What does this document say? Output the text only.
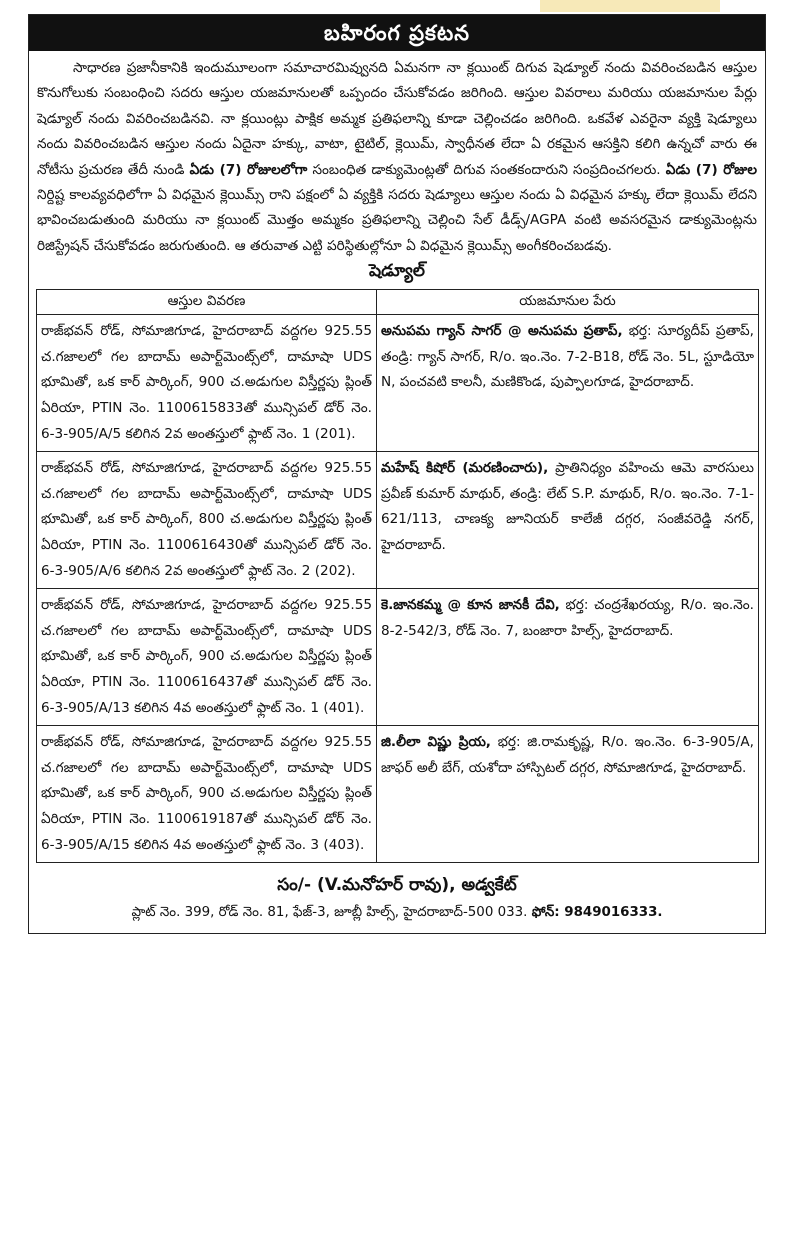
బహిరంగ ప్రకటన

సాధారణ ప్రజానీకానికి ఇందుమూలంగా సమాచారమివ్వునది ఏమనగా నా క్లయింట్ దిగువ షెడ్యూల్ నందు వివరించబడిన ఆస్తుల కొనుగోలుకు సంబంధించి సదరు ఆస్తుల యజమానులతో ఒప్పందం చేసుకోవడం జరిగింది. ఆస్తుల వివరాలు మరియు యజమానుల పేర్లు షెడ్యూల్ నందు వివరించబడినవి. నా క్లయింట్లు పాక్షిక అమ్మక ప్రతిఫలాన్ని కూడా చెల్లించడం జరిగింది. ఒకవేళ ఎవరైనా వ్యక్తి షెడ్యూలు నందు వివరించబడిన ఆస్తుల నందు ఏదైనా హక్కు, వాటా, టైటిల్, క్లెయిమ్, స్వాధీనత లేదా ఏ రకమైన ఆసక్తిని కలిగి ఉన్నచో వారు ఈ నోటీసు ప్రచురణ తేదీ నుండి ఏడు (7) రోజులలోగా సంబంధిత డాక్యుమెంట్లతో దిగువ సంతకందారుని సంప్రదించగలరు. ఏడు (7) రోజుల నిర్దిష్ట కాలవ్యవధిలోగా ఏ విధమైన క్లెయిమ్స్ రాని పక్షంలో ఏ వ్యక్తికి సదరు షెడ్యూలు ఆస్తుల నందు ఏ విధమైన హక్కు లేదా క్లెయిమ్ లేదని భావించబడుతుంది మరియు నా క్లయింట్ మొత్తం అమ్మకం ప్రతిఫలాన్ని చెల్లించి సేల్ డీడ్స్/AGPA వంటి అవసరమైన డాక్యుమెంట్లను రిజిస్ట్రేషన్ చేసుకోవడం జరుగుతుంది. ఆ తరువాత ఎట్టి పరిస్థితుల్లోనూ ఏ విధమైన క్లెయిమ్స్ అంగీకరించబడవు.

షెడ్యూల్
ఆస్తుల వివరణ	యజమానుల పేరు
రాజ్‌భవన్ రోడ్, సోమాజిగూడ, హైదరాబాద్ వద్దగల 925.55 చ.గజాలలో గల బాదామ్ అపార్ట్‌మెంట్స్‌లో, దామాషా UDS భూమితో, ఒక కార్ పార్కింగ్, 900 చ.అడుగుల విస్తీర్ణపు ప్లింత్ ఏరియా, PTIN నెం. 1100615833తో మున్సిపల్ డోర్ నెం. 6-3-905/A/5 కలిగిన 2వ అంతస్తులో ఫ్లాట్ నెం. 1 (201).	అనుపమ గ్యాన్ సాగర్ @ అనుపమ ప్రతాప్, భర్త: సూర్యదీప్ ప్రతాప్, తండ్రి: గ్యాన్ సాగర్, R/o. ఇం.నెం. 7-2-B18, రోడ్ నెం. 5L, స్టూడియో N, పంచవటి కాలనీ, మణికొండ, పుప్పాలగూడ, హైదరాబాద్.
రాజ్‌భవన్ రోడ్, సోమాజిగూడ, హైదరాబాద్ వద్దగల 925.55 చ.గజాలలో గల బాదామ్ అపార్ట్‌మెంట్స్‌లో, దామాషా UDS భూమితో, ఒక కార్ పార్కింగ్, 800 చ.అడుగుల విస్తీర్ణపు ప్లింత్ ఏరియా, PTIN నెం. 1100616430తో మున్సిపల్ డోర్ నెం. 6-3-905/A/6 కలిగిన 2వ అంతస్తులో ఫ్లాట్ నెం. 2 (202).	మహేష్ కిషోర్ (మరణించారు), ప్రాతినిధ్యం వహించు ఆమె వారసులు ప్రవీణ్ కుమార్ మాథుర్, తండ్రి: లేట్ S.P. మాథుర్, R/o. ఇం.నెం. 7-1-621/113, చాణక్య జూనియర్ కాలేజీ దగ్గర, సంజీవరెడ్డి నగర్, హైదరాబాద్.
రాజ్‌భవన్ రోడ్, సోమాజిగూడ, హైదరాబాద్ వద్దగల 925.55 చ.గజాలలో గల బాదామ్ అపార్ట్‌మెంట్స్‌లో, దామాషా UDS భూమితో, ఒక కార్ పార్కింగ్, 900 చ.అడుగుల విస్తీర్ణపు ప్లింత్ ఏరియా, PTIN నెం. 1100616437తో మున్సిపల్ డోర్ నెం. 6-3-905/A/13 కలిగిన 4వ అంతస్తులో ఫ్లాట్ నెం. 1 (401).	కె.జానకమ్మ @ కూన జానకీ దేవి, భర్త: చంద్రశేఖరయ్య, R/o. ఇం.నెం. 8-2-542/3, రోడ్ నెం. 7, బంజారా హిల్స్, హైదరాబాద్.
రాజ్‌భవన్ రోడ్, సోమాజిగూడ, హైదరాబాద్ వద్దగల 925.55 చ.గజాలలో గల బాదామ్ అపార్ట్‌మెంట్స్‌లో, దామాషా UDS భూమితో, ఒక కార్ పార్కింగ్, 900 చ.అడుగుల విస్తీర్ణపు ప్లింత్ ఏరియా, PTIN నెం. 1100619187తో మున్సిపల్ డోర్ నెం. 6-3-905/A/15 కలిగిన 4వ అంతస్తులో ఫ్లాట్ నెం. 3 (403).	జి.లీలా విష్ణు ప్రియ, భర్త: జి.రామకృష్ణ, R/o. ఇం.నెం. 6-3-905/A, జాఫర్ అలీ బేగ్, యశోదా హాస్పిటల్ దగ్గర, సోమాజిగూడ, హైదరాబాద్.
సం/- (V.మనోహర్ రావు), అడ్వకేట్
ప్లాట్ నెం. 399, రోడ్ నెం. 81, ఫేజ్-3, జూబ్లీ హిల్స్, హైదరాబాద్-500 033. ఫోన్: 9849016333.
